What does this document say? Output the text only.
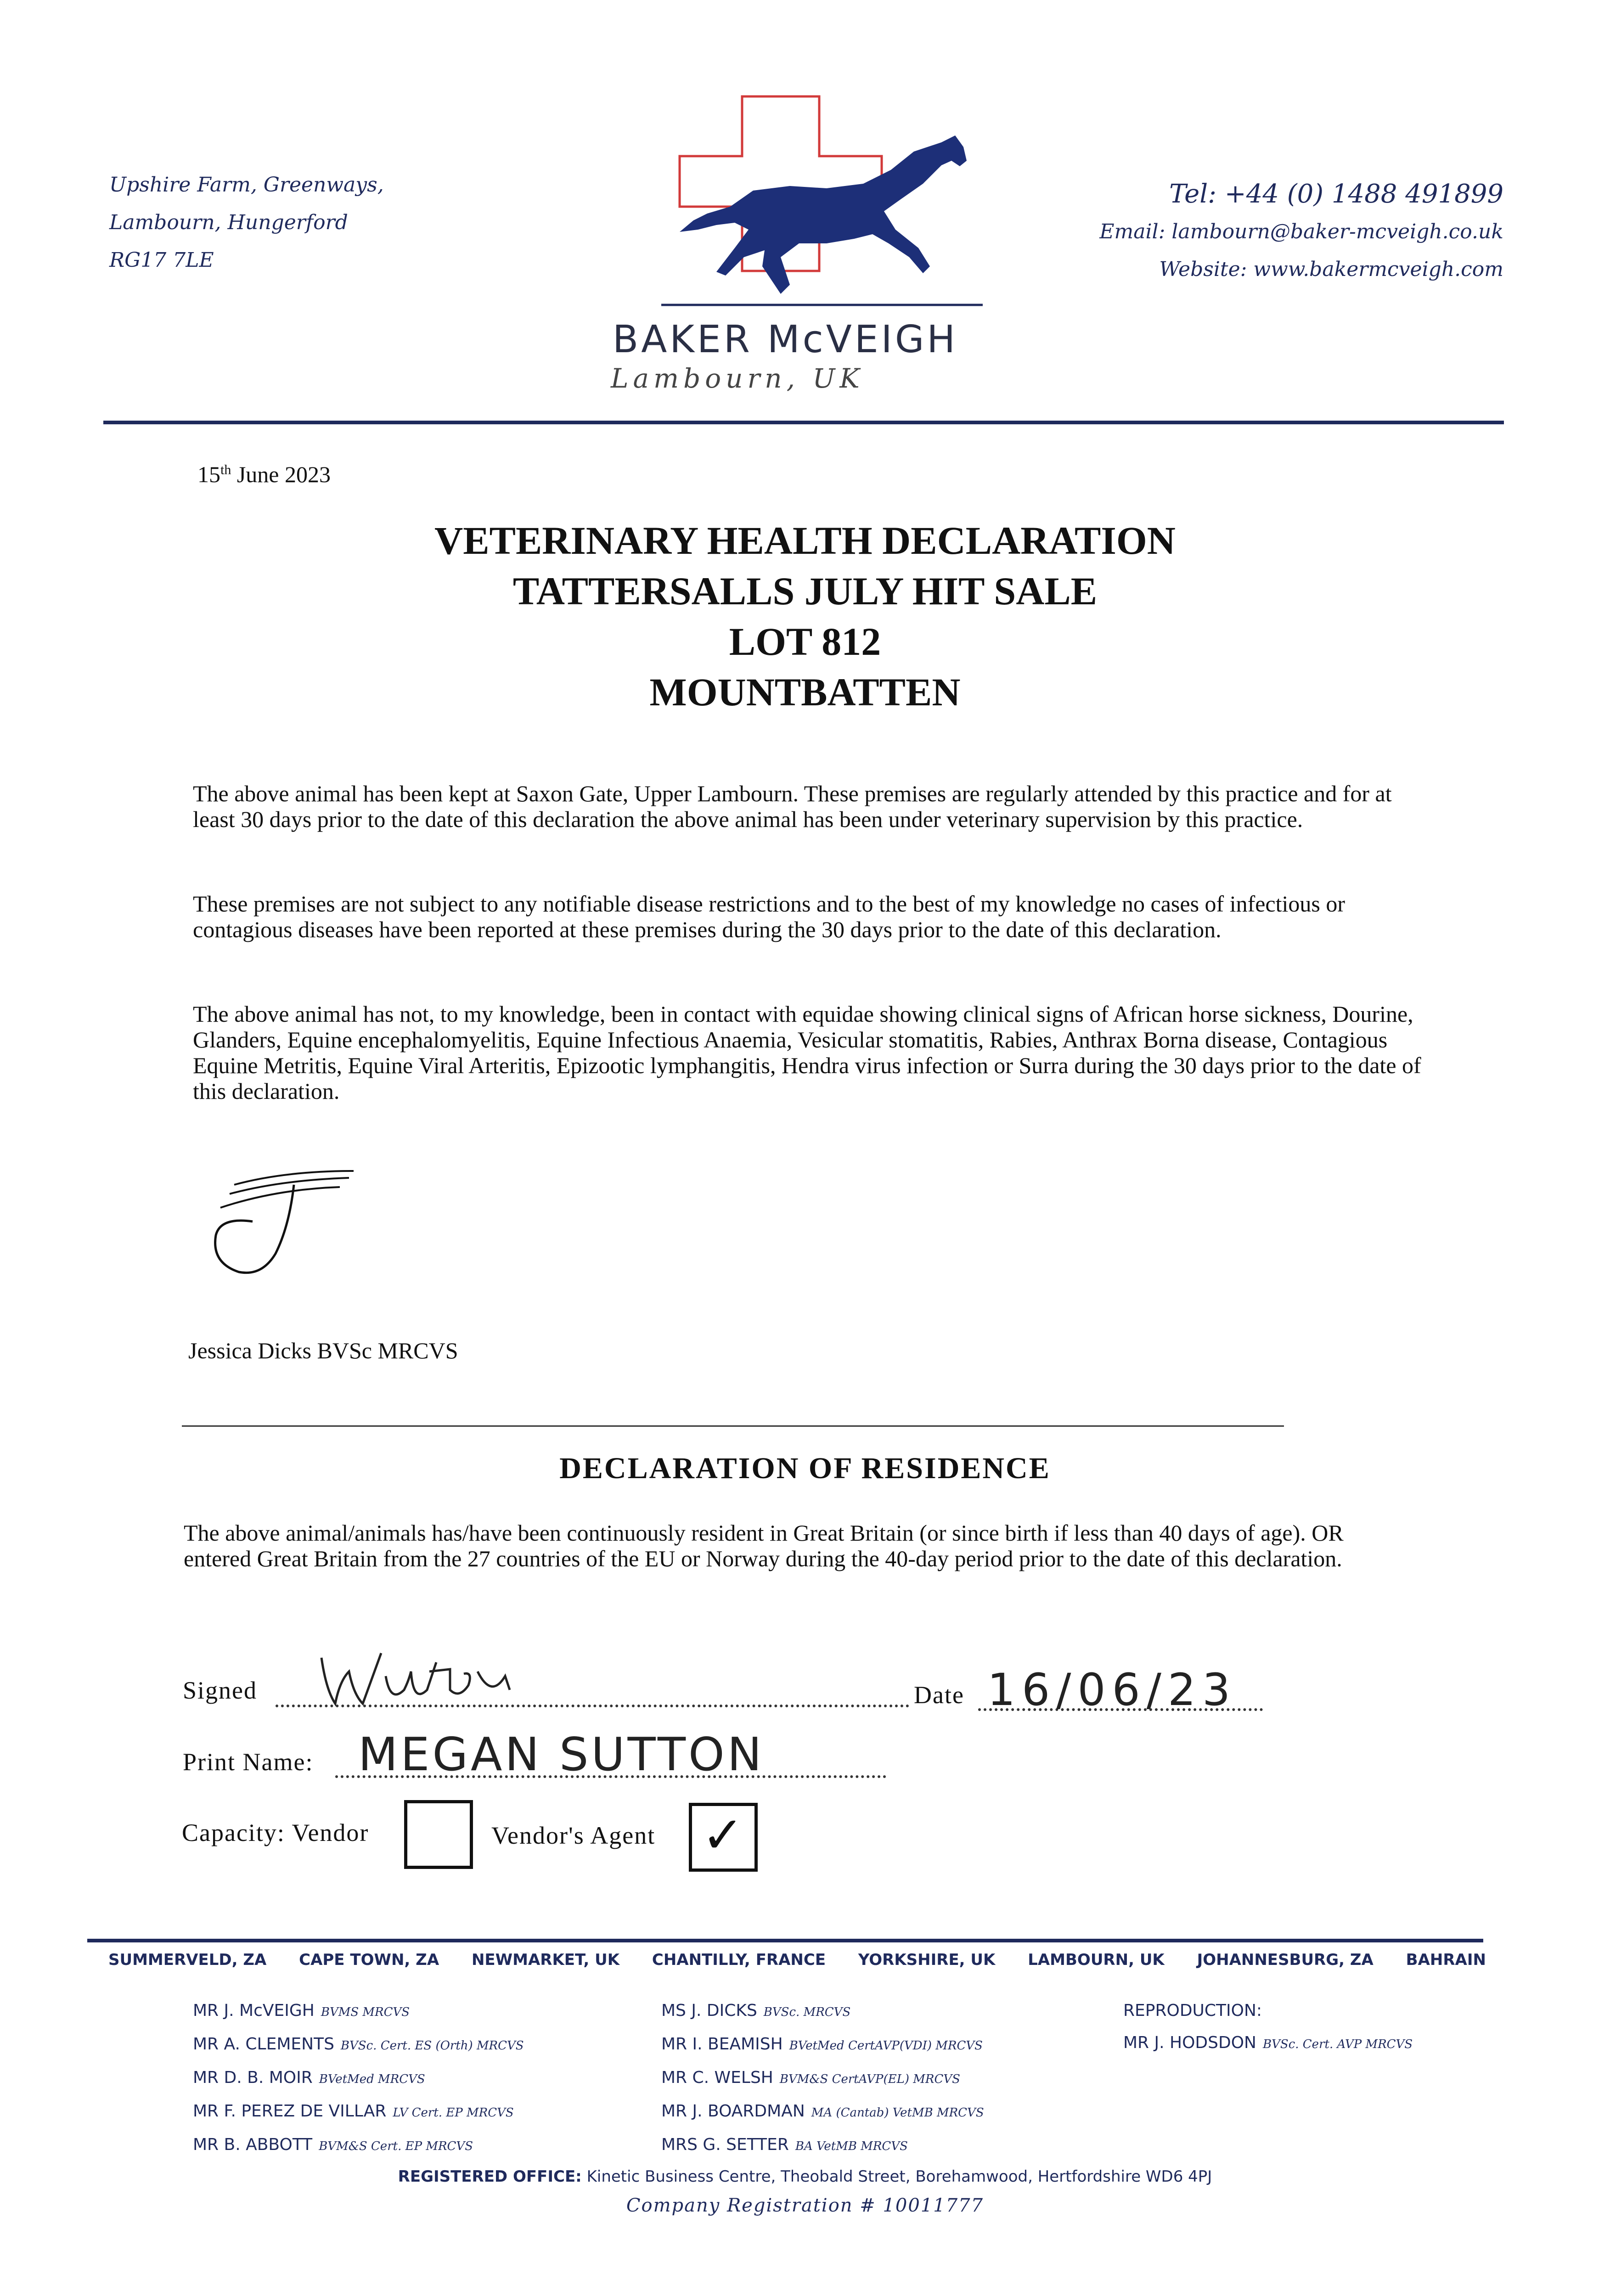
Upshire Farm, Greenways,
Lambourn, Hungerford
RG17 7LE
BAKER McVEIGH
Lambourn, UK
Tel: +44 (0) 1488 491899
Email: lambourn@baker-mcveigh.co.uk
Website: www.bakermcveigh.com
15th June 2023
VETERINARY HEALTH DECLARATION
TATTERSALLS JULY HIT SALE
LOT 812
MOUNTBATTEN
The above animal has been kept at Saxon Gate, Upper Lambourn. These premises are regularly attended by this practice and for at least 30 days prior to the date of this declaration the above animal has been under veterinary supervision by this practice.
These premises are not subject to any notifiable disease restrictions and to the best of my knowledge no cases of infectious or contagious diseases have been reported at these premises during the 30 days prior to the date of this declaration.
The above animal has not, to my knowledge, been in contact with equidae showing clinical signs of African horse sickness, Dourine, Glanders, Equine encephalomyelitis, Equine Infectious Anaemia, Vesicular stomatitis, Rabies, Anthrax Borna disease, Contagious Equine Metritis, Equine Viral Arteritis, Epizootic lymphangitis, Hendra virus infection or Surra during the 30 days prior to the date of this declaration.
Jessica Dicks BVSc MRCVS
DECLARATION OF RESIDENCE
The above animal/animals has/have been continuously resident in Great Britain (or since birth if less than 40 days of age). OR entered Great Britain from the 27 countries of the EU or Norway during the 40-day period prior to the date of this declaration.
Signed	Date 16/06/23
Print Name: MEGAN SUTTON
Capacity: Vendor	Vendor's Agent ✓
SUMMERVELD, ZA CAPE TOWN, ZA NEWMARKET, UK CHANTILLY, FRANCE YORKSHIRE, UK LAMBOURN, UK JOHANNESBURG, ZA BAHRAIN
MR J. McVEIGH BVMS MRCVS
MR A. CLEMENTS BVSc. Cert. ES (Orth) MRCVS
MR D. B. MOIR BVetMed MRCVS
MR F. PEREZ DE VILLAR LV Cert. EP MRCVS
MR B. ABBOTT BVM&S Cert. EP MRCVS
MS J. DICKS BVSc. MRCVS
MR I. BEAMISH BVetMed CertAVP(VDI) MRCVS
MR C. WELSH BVM&S CertAVP(EL) MRCVS
MR J. BOARDMAN MA (Cantab) VetMB MRCVS
MRS G. SETTER BA VetMB MRCVS
REPRODUCTION:
MR J. HODSDON BVSc. Cert. AVP MRCVS
REGISTERED OFFICE: Kinetic Business Centre, Theobald Street, Borehamwood, Hertfordshire WD6 4PJ
Company Registration # 10011777
